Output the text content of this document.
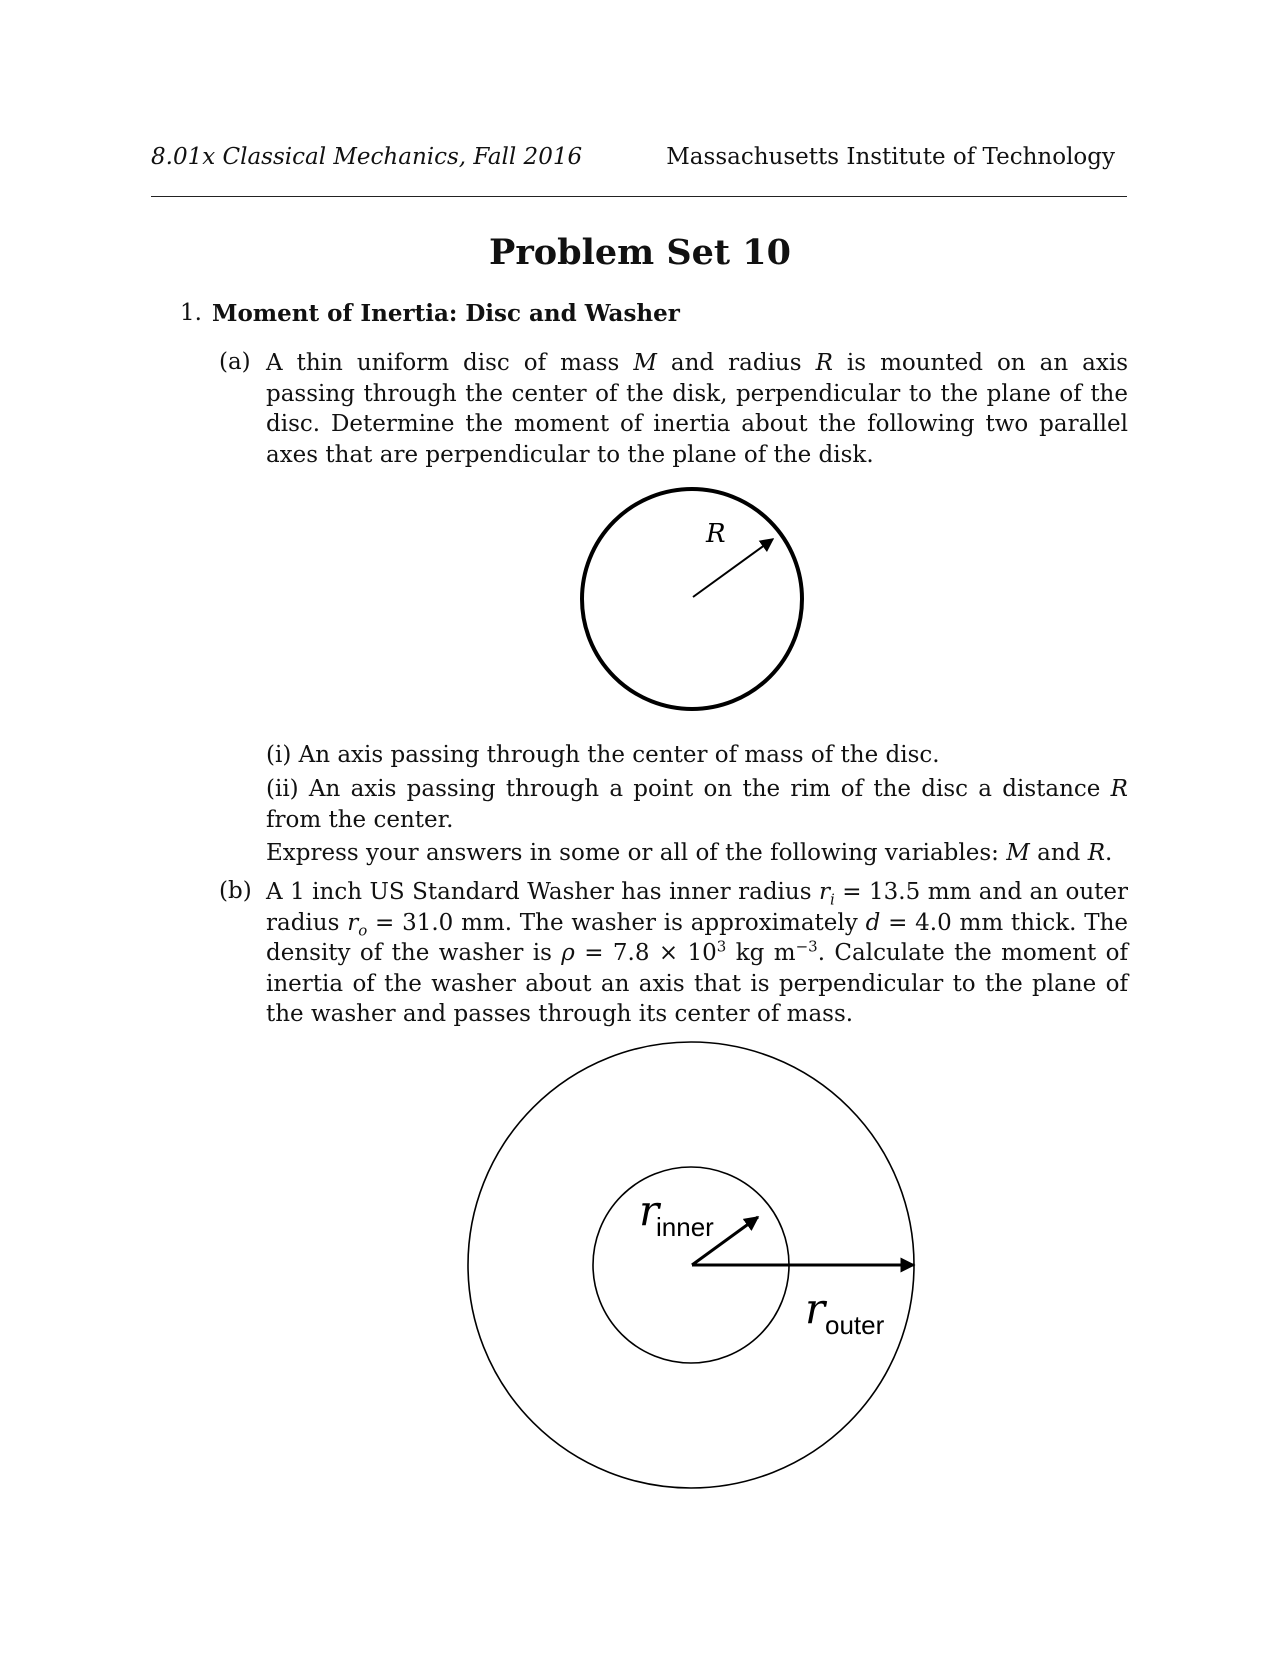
8.01x Classical Mechanics, Fall 2016	Massachusetts Institute of Technology
Problem Set 10
1. Moment of Inertia: Disc and Washer
(a) A thin uniform disc of mass M and radius R is mounted on an axis passing through the center of the disk, perpendicular to the plane of the disc. Determine the moment of inertia about the following two parallel axes that are perpendicular to the plane of the disk.

R
(i) An axis passing through the center of mass of the disc.

(ii) An axis passing through a point on the rim of the disc a distance R from the center.

Express your answers in some or all of the following variables: M and R.

(b) A 1 inch US Standard Washer has inner radius $r_i = 13.5$ mm and an outer radius $r_o = 31.0$ mm. The washer is approximately d = 4.0 mm thick. The density of the washer is $\rho = 7.8 \times 10^3$ kg $m^{-3}$. Calculate the moment of inertia of the washer about an axis that is perpendicular to the plane of the washer and passes through its center of mass.

r
inner
r outer
